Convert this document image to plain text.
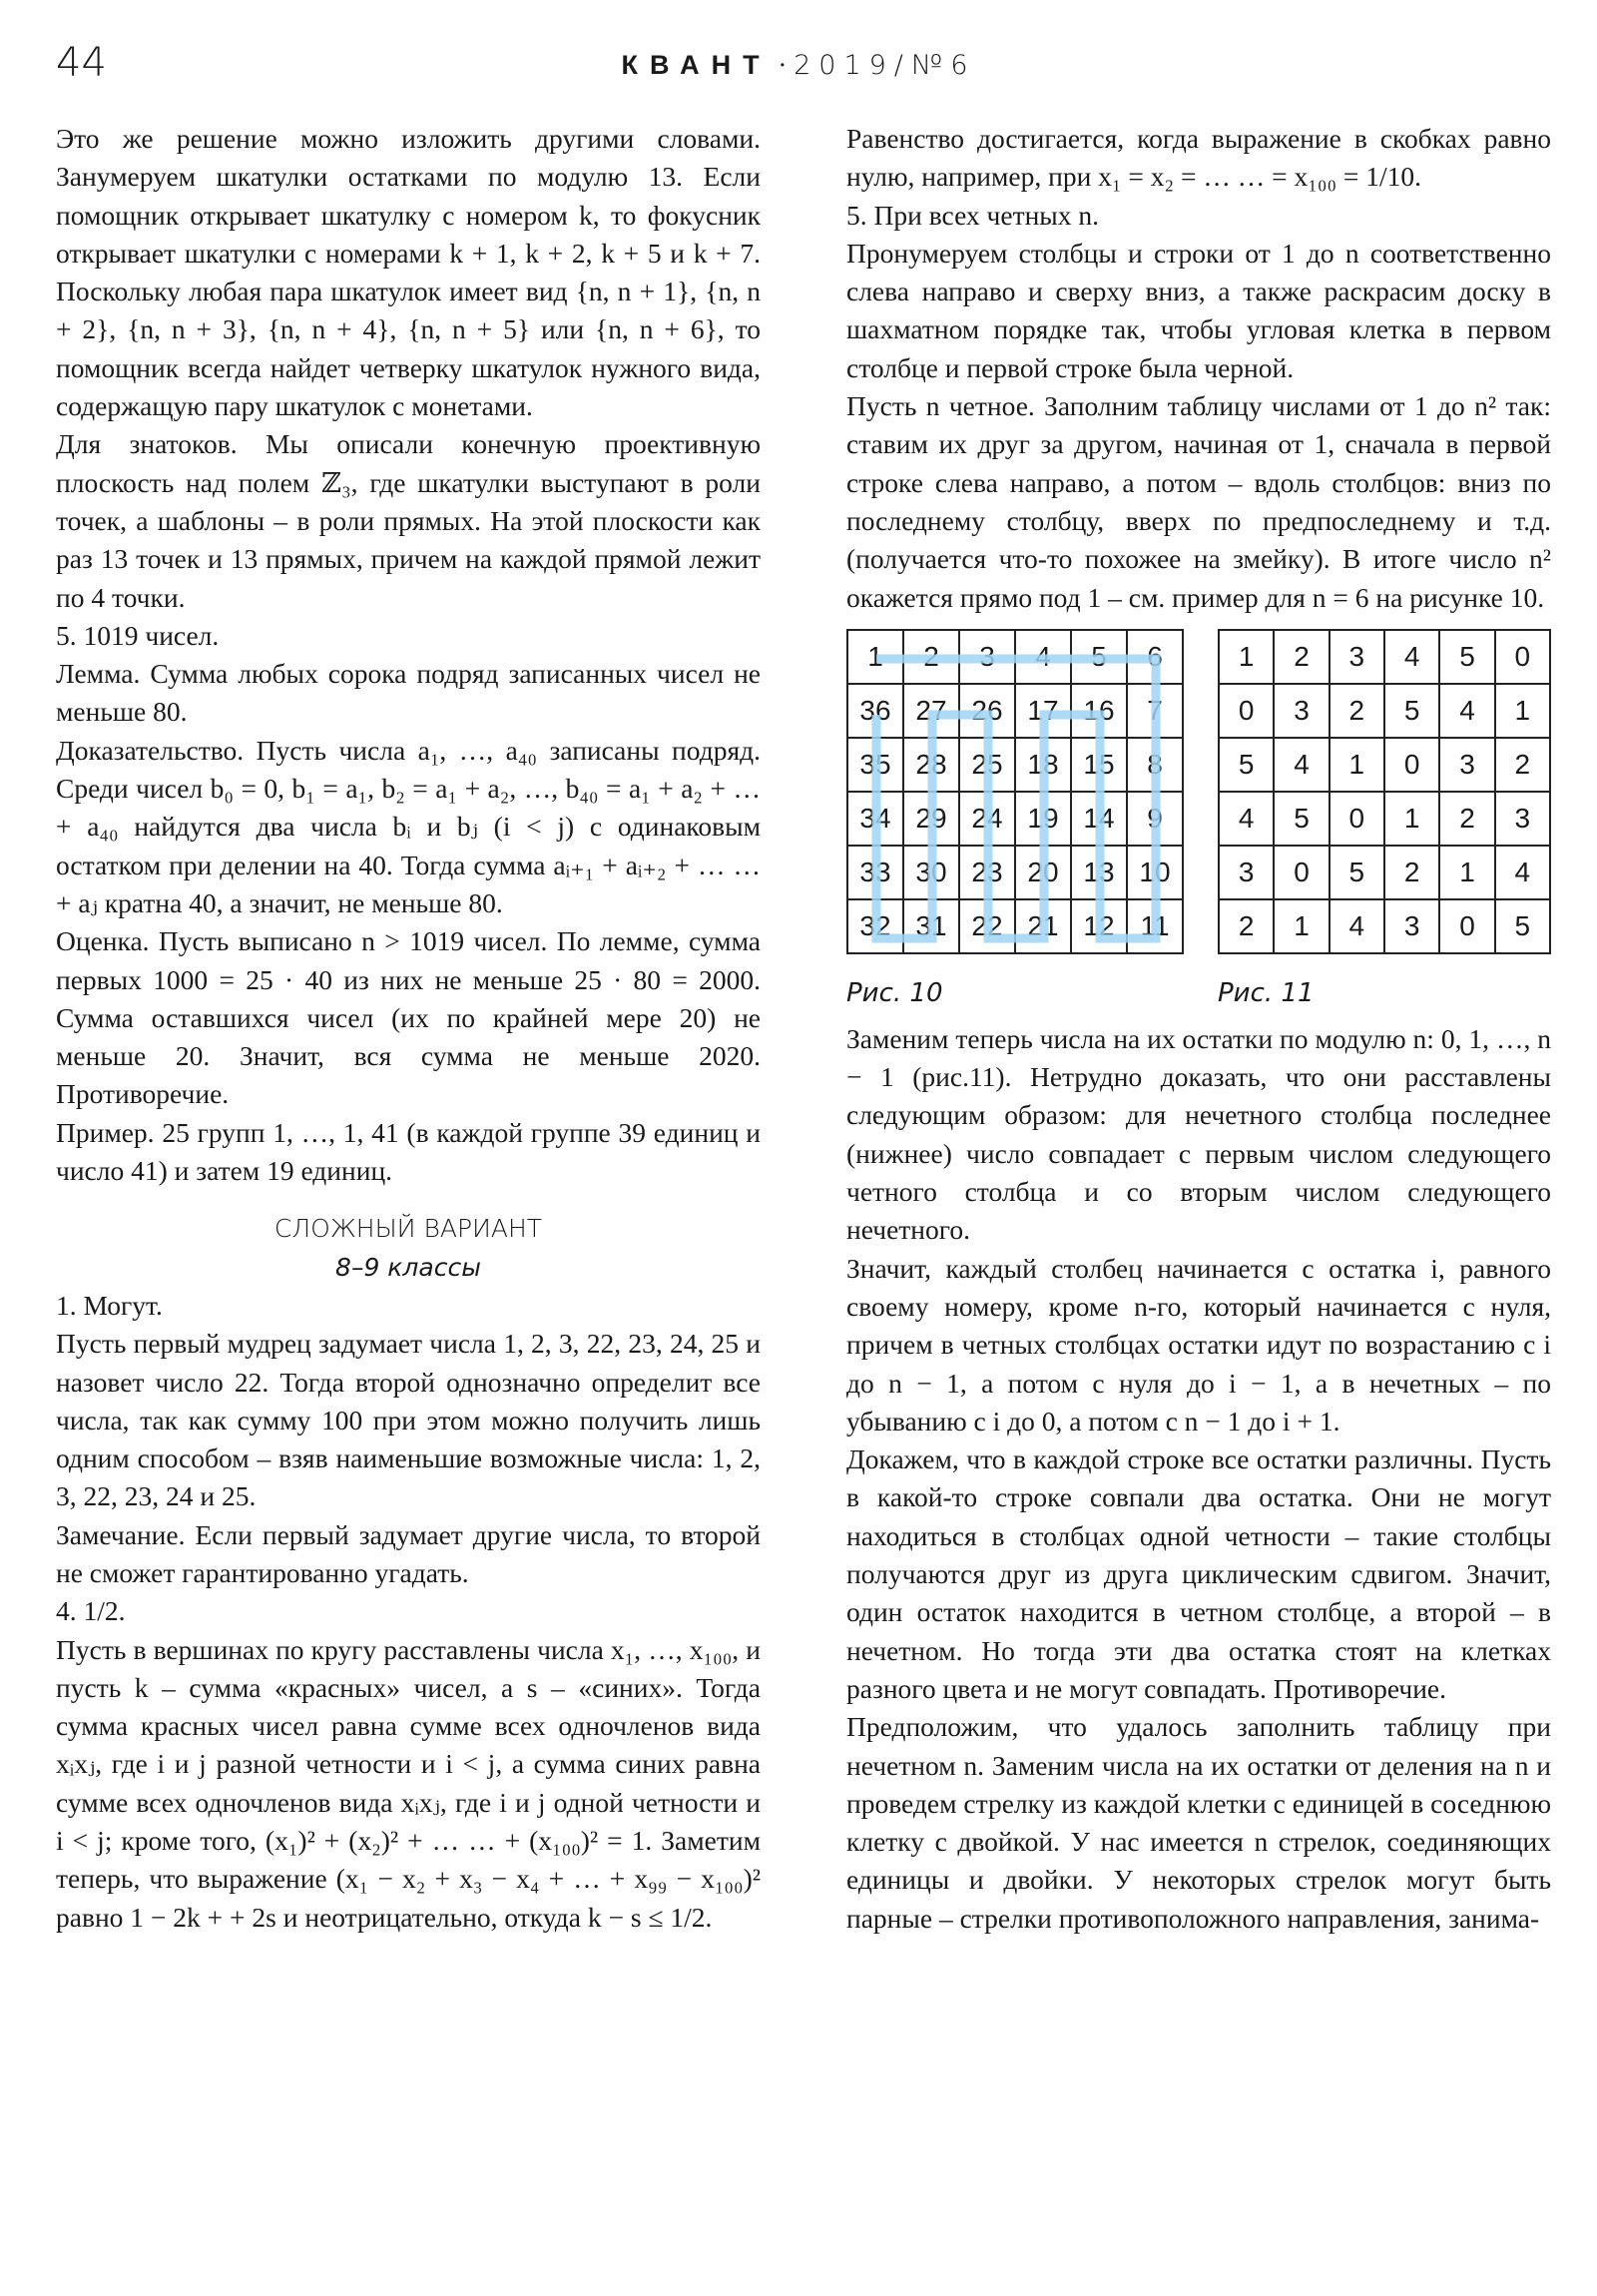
44	КВАНТ · 2019/№6

Это же решение можно изложить другими словами. Занумеруем шкатулки остатками по модулю 13. Если помощник открывает шкатулку с номером k, то фокусник открывает шкатулки с номерами k + 1, k + 2, k + 5 и k + 7. Поскольку любая пара шкатулок имеет вид {n, n + 1}, {n, n + 2}, {n, n + 3}, {n, n + 4}, {n, n + 5} или {n, n + 6}, то помощник всегда найдет четверку шкатулок нужного вида, содержащую пару шкатулок с монетами.

Для знатоков. Мы описали конечную проективную плоскость над полем ℤ₃, где шкатулки выступают в роли точек, а шаблоны – в роли прямых. На этой плоскости как раз 13 точек и 13 прямых, причем на каждой прямой лежит по 4 точки.

5. 1019 чисел.

Лемма. Сумма любых сорока подряд записанных чисел не меньше 80.

Доказательство. Пусть числа a₁, …, a₄₀ записаны подряд. Среди чисел b₀ = 0, b₁ = a₁, b₂ = a₁ + a₂, …, b₄₀ = a₁ + a₂ + … + a₄₀ найдутся два числа bᵢ и bⱼ (i < j) с одинаковым остатком при делении на 40. Тогда сумма aᵢ₊₁ + aᵢ₊₂ + … … + aⱼ кратна 40, а значит, не меньше 80.

Оценка. Пусть выписано n > 1019 чисел. По лемме, сумма первых 1000 = 25 · 40 из них не меньше 25 · 80 = 2000. Сумма оставшихся чисел (их по крайней мере 20) не меньше 20. Значит, вся сумма не меньше 2020. Противоречие.

Пример. 25 групп 1, …, 1, 41 (в каждой группе 39 единиц и число 41) и затем 19 единиц.

СЛОЖНЫЙ ВАРИАНТ

8–9 классы

1. Могут.

Пусть первый мудрец задумает числа 1, 2, 3, 22, 23, 24, 25 и назовет число 22. Тогда второй однозначно определит все числа, так как сумму 100 при этом можно получить лишь одним способом – взяв наименьшие возможные числа: 1, 2, 3, 22, 23, 24 и 25.

Замечание. Если первый задумает другие числа, то второй не сможет гарантированно угадать.

4. 1/2.

Пусть в вершинах по кругу расставлены числа x₁, …, x₁₀₀, и пусть k – сумма «красных» чисел, а s – «синих». Тогда сумма красных чисел равна сумме всех одночленов вида xᵢxⱼ, где i и j разной четности и i < j, а сумма синих равна сумме всех одночленов вида xᵢxⱼ, где i и j одной четности и i < j; кроме того, (x₁)² + (x₂)² + … … + (x₁₀₀)² = 1. Заметим теперь, что выражение (x₁ − x₂ + x₃ − x₄ + … + x₉₉ − x₁₀₀)² равно 1 − 2k + + 2s и неотрицательно, откуда k − s ≤ 1/2.

Равенство достигается, когда выражение в скобках равно нулю, например, при x₁ = x₂ = … … = x₁₀₀ = 1/10.

5. При всех четных n.

Пронумеруем столбцы и строки от 1 до n соответственно слева направо и сверху вниз, а также раскрасим доску в шахматном порядке так, чтобы угловая клетка в первом столбце и первой строке была черной.

Пусть n четное. Заполним таблицу числами от 1 до n² так: ставим их друг за другом, начиная от 1, сначала в первой строке слева направо, а потом – вдоль столбцов: вниз по последнему столбцу, вверх по предпоследнему и т.д. (получается что-то похожее на змейку). В итоге число n² окажется прямо под 1 – см. пример для n = 6 на рисунке 10.

1	2	3	4	5	6
36	27	26	17	16	7
35	28	25	18	15	8
34	29	24	19	14	9
33	30	23	20	13	10
32	31	22	21	12	11
1	2	3	4	5	0
0	3	2	5	4	1
5	4	1	0	3	2
4	5	0	1	2	3
3	0	5	2	1	4
2	1	4	3	0	5
Рис. 10	Рис. 11

Заменим теперь числа на их остатки по модулю n: 0, 1, …, n − 1 (рис.11). Нетрудно доказать, что они расставлены следующим образом: для нечетного столбца последнее (нижнее) число совпадает с первым числом следующего четного столбца и со вторым числом следующего нечетного.

Значит, каждый столбец начинается с остатка i, равного своему номеру, кроме n-го, который начинается с нуля, причем в четных столбцах остатки идут по возрастанию с i до n − 1, а потом с нуля до i − 1, а в нечетных – по убыванию с i до 0, а потом с n − 1 до i + 1.

Докажем, что в каждой строке все остатки различны. Пусть в какой-то строке совпали два остатка. Они не могут находиться в столбцах одной четности – такие столбцы получаются друг из друга циклическим сдвигом. Значит, один остаток находится в четном столбце, а второй – в нечетном. Но тогда эти два остатка стоят на клетках разного цвета и не могут совпадать. Противоречие.

Предположим, что удалось заполнить таблицу при нечетном n. Заменим числа на их остатки от деления на n и проведем стрелку из каждой клетки с единицей в соседнюю клетку с двойкой. У нас имеется n стрелок, соединяющих единицы и двойки. У некоторых стрелок могут быть парные – стрелки противоположного направления, занима-
